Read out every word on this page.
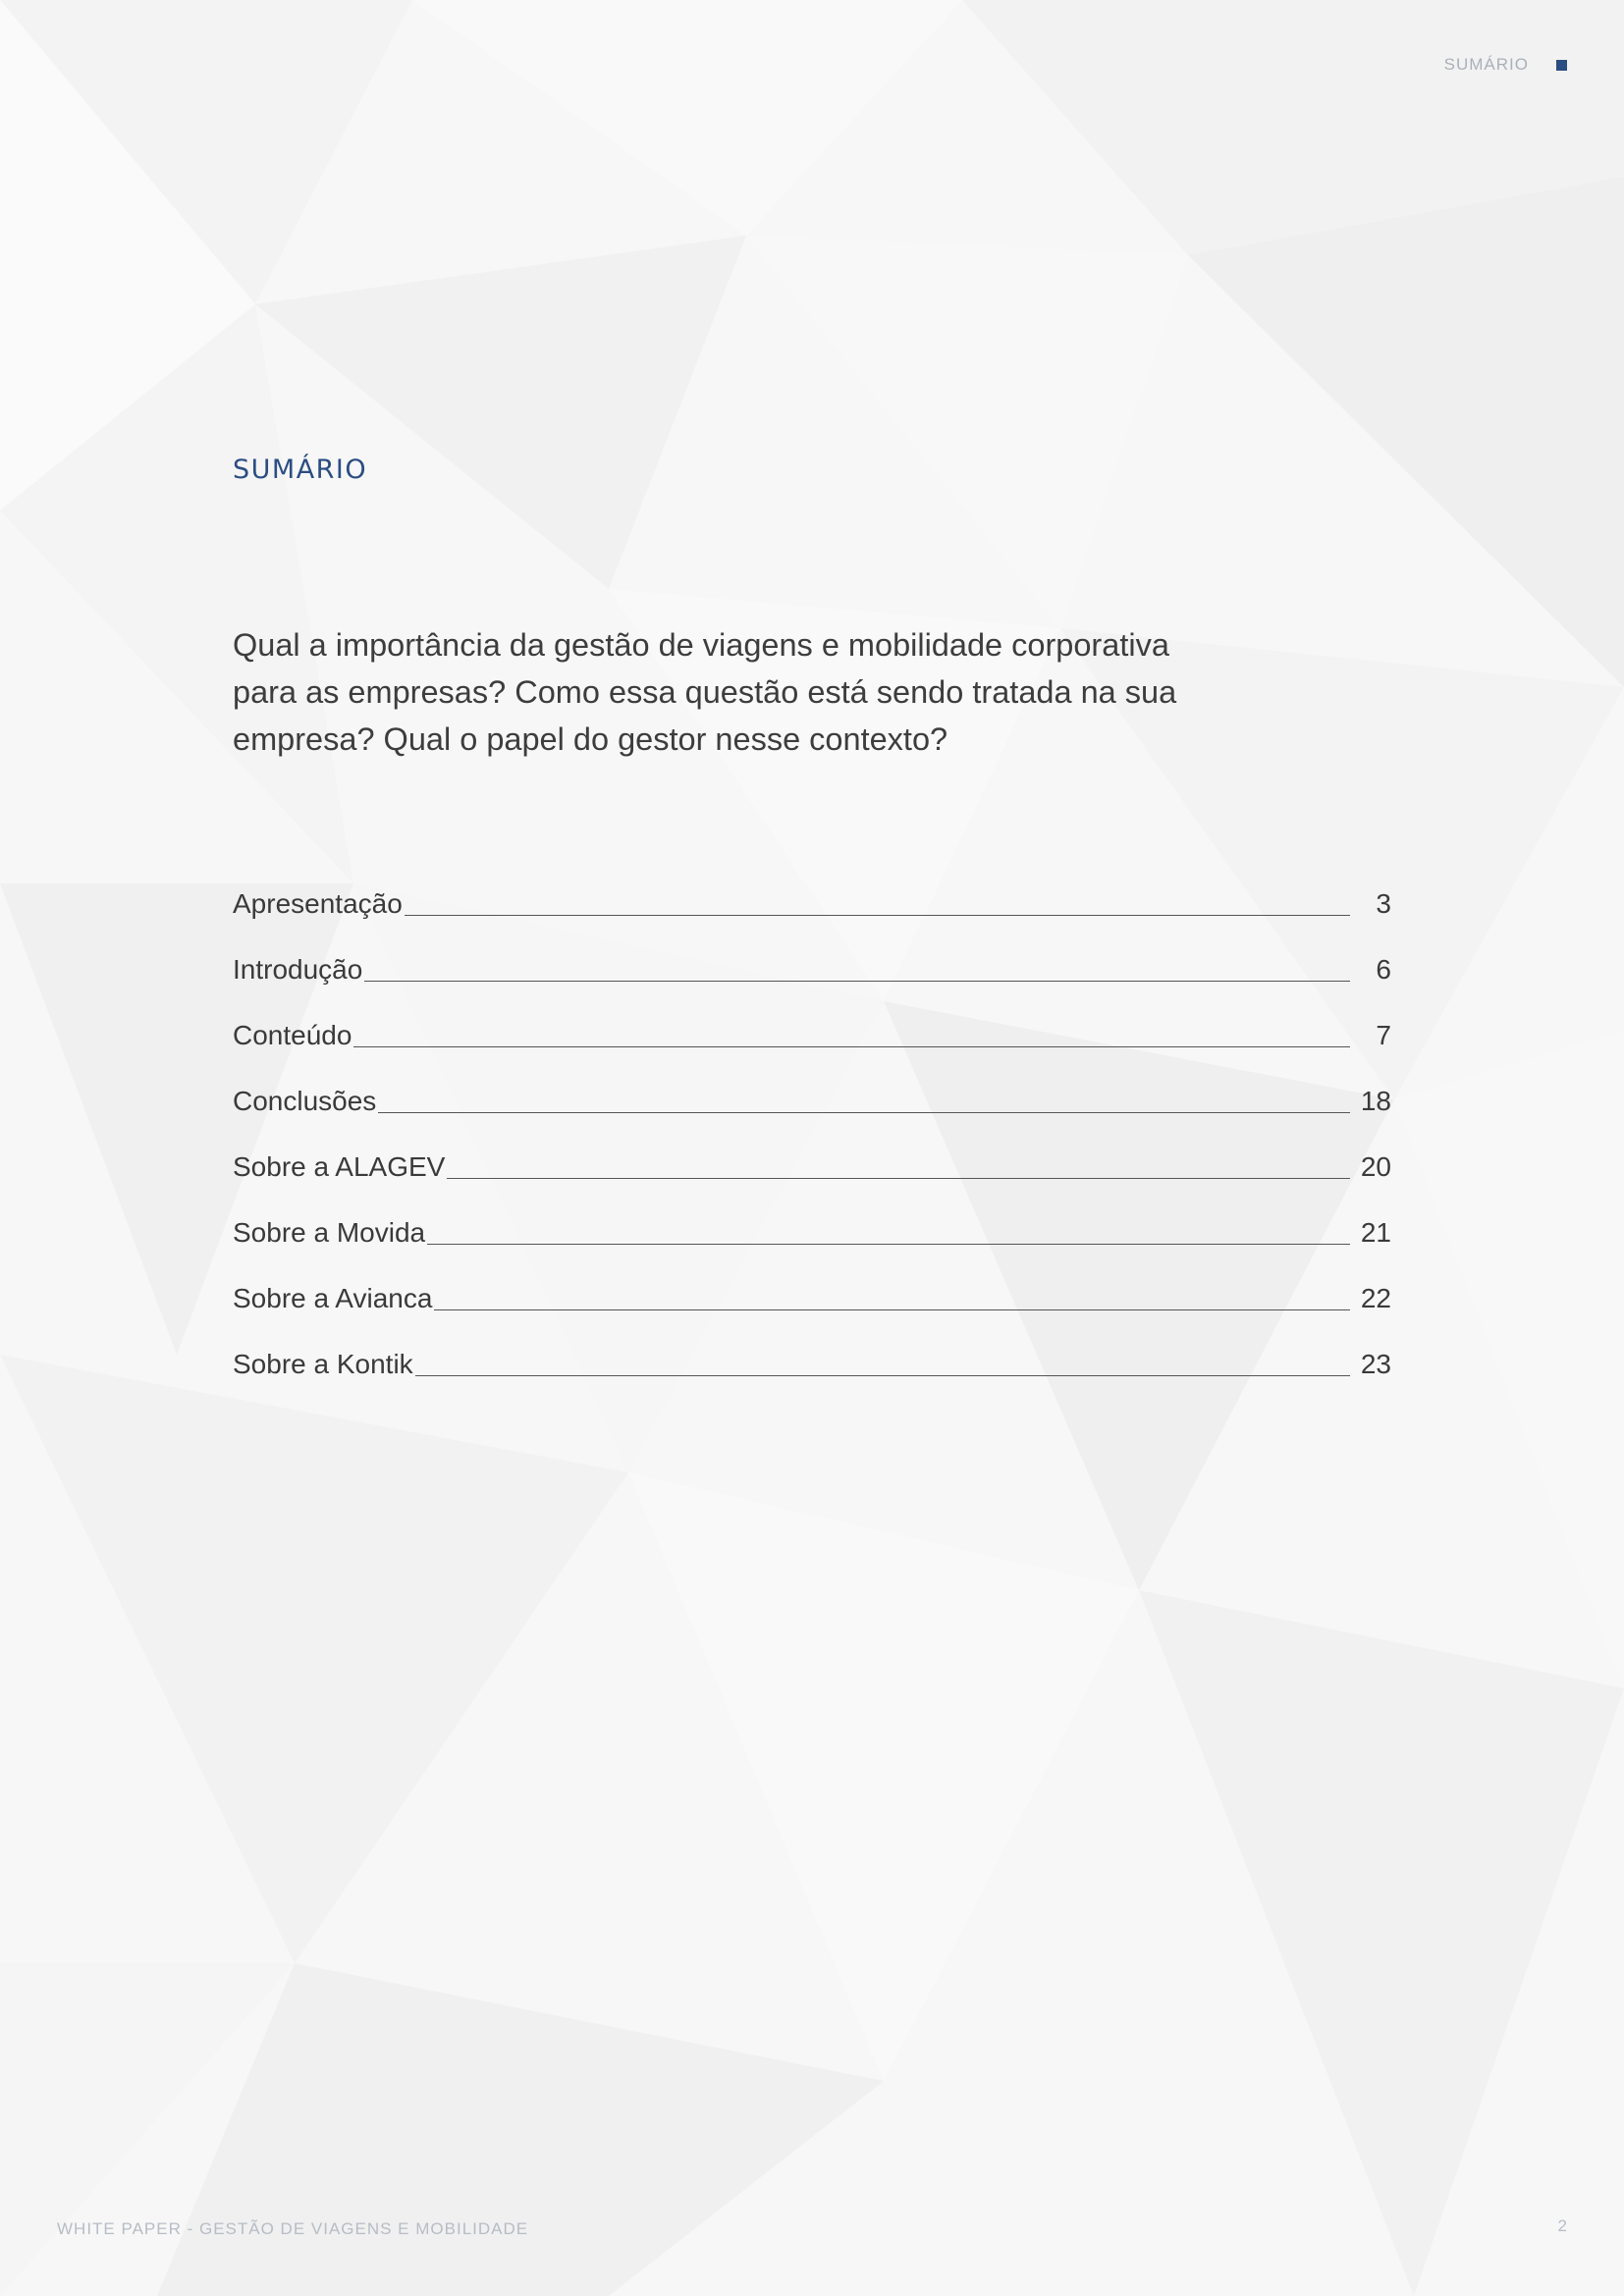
SUMÁRIO
SUMÁRIO

Qual a importância da gestão de viagens e mobilidade corporativa para as empresas? Como essa questão está sendo tratada na sua empresa? Qual o papel do gestor nesse contexto?

Apresentação	3
Introdução	6
Conteúdo	7
Conclusões	18
Sobre a ALAGEV	20
Sobre a Movida	21
Sobre a Avianca	22
Sobre a Kontik	23
WHITE PAPER - GESTÃO DE VIAGENS E MOBILIDADE	2
